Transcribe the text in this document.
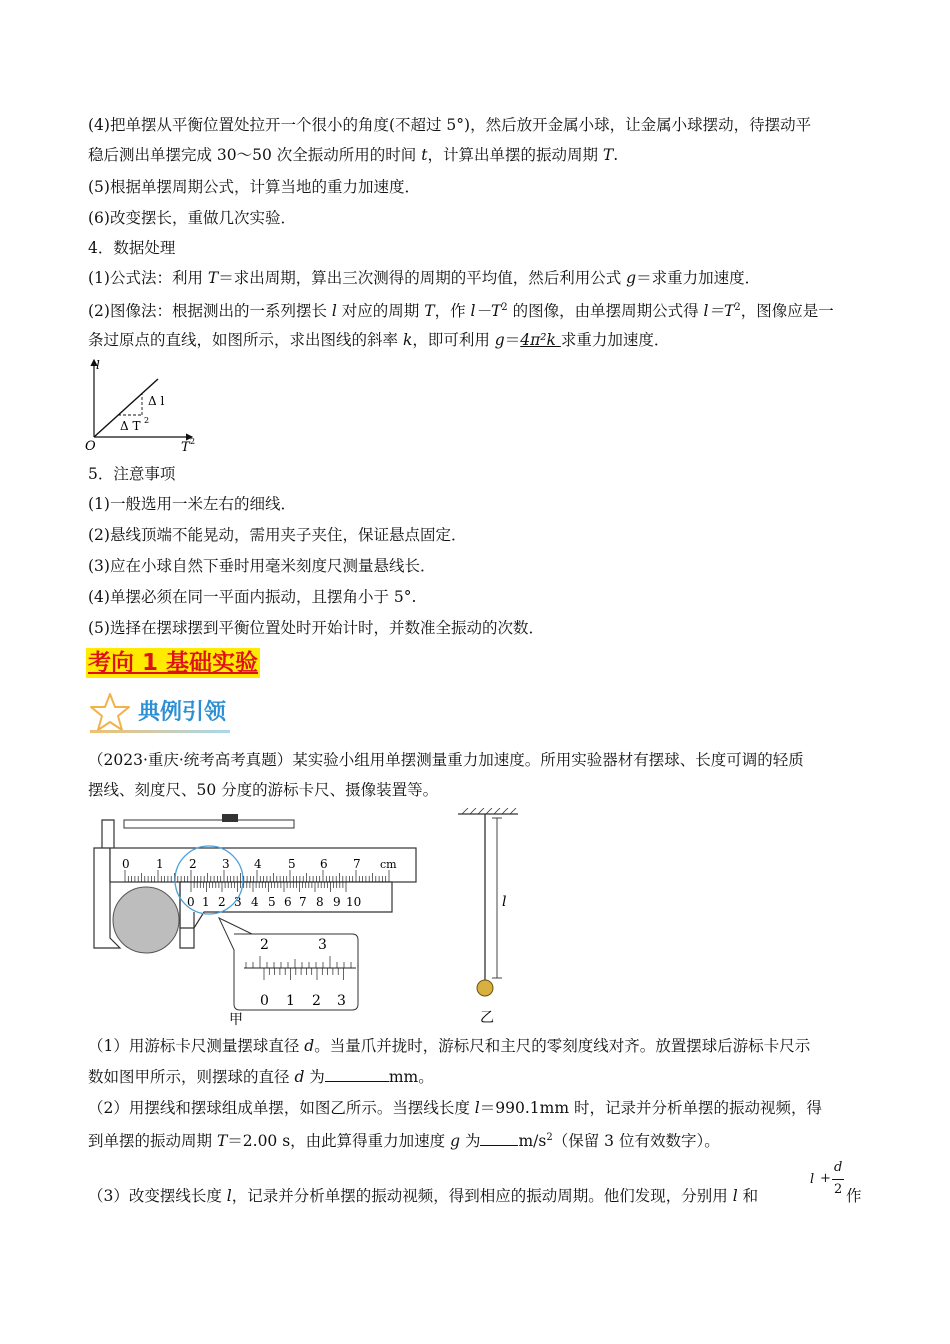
(4)把单摆从平衡位置处拉开一个很小的角度(不超过 5°)，然后放开金属小球，让金属小球摆动，待摆动平
稳后测出单摆完成 30～50 次全振动所用的时间 t，计算出单摆的振动周期 T.
(5)根据单摆周期公式，计算当地的重力加速度．
(6)改变摆长，重做几次实验．
4．数据处理
(1)公式法：利用 T＝求出周期，算出三次测得的周期的平均值，然后利用公式 g＝求重力加速度．
(2)图像法：根据测出的一系列摆长 l 对应的周期 T，作 $l-T^2$ 的图像，由单摆周期公式得 $l=T^2$，图像应是一
条过原点的直线，如图所示，求出图线的斜率 k，即可利用 g＝4π²k 求重力加速度．
l
Δ l
Δ T 2
O	T 2
5．注意事项
(1)一般选用一米左右的细线．
(2)悬线顶端不能晃动，需用夹子夹住，保证悬点固定．
(3)应在小球自然下垂时用毫米刻度尺测量悬线长．
(4)单摆必须在同一平面内振动，且摆角小于 5°.
(5)选择在摆球摆到平衡位置处时开始计时，并数准全振动的次数．
考向 1 基础实验
典例引领
（2023·重庆·统考高考真题）某实验小组用单摆测量重力加速度。所用实验器材有摆球、长度可调的轻质
摆线、刻度尺、50 分度的游标卡尺、摄像装置等。
0 1 2 3 4 5 6 7 cm
0 1 2 3 4 5 6 7 8 9 10
2	3
0 1 2 3
甲
l
乙
（1）用游标卡尺测量摆球直径 d。当量爪并拢时，游标尺和主尺的零刻度线对齐。放置摆球后游标卡尺示
数如图甲所示，则摆球的直径 d 为	mm。
（2）用摆线和摆球组成单摆，如图乙所示。当摆线长度 l＝990.1mm 时，记录并分析单摆的振动视频，得
到单摆的振动周期 T＝2.00 s，由此算得重力加速度 g 为 $m/s^2$（保留 3 位有效数字）。
（3）改变摆线长度 l，记录并分析单摆的振动视频，得到相应的振动周期。他们发现，分别用 l 和
l +
d
2 作
